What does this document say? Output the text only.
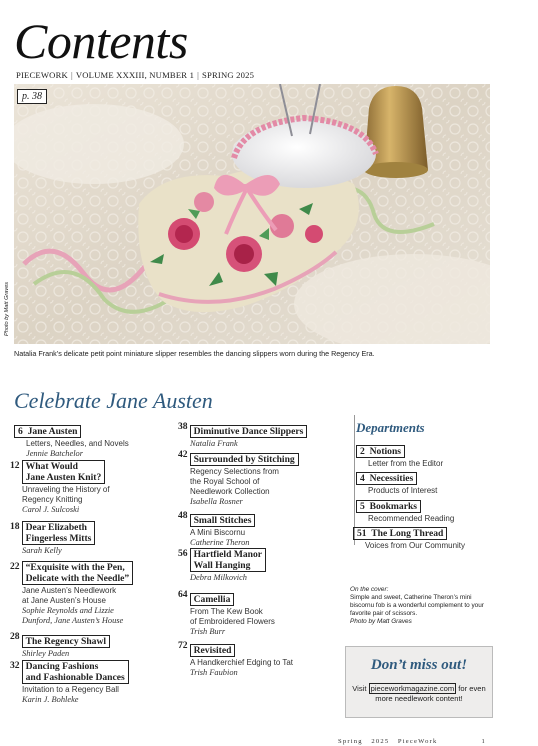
Contents
PIECEWORK | VOLUME XXXIII, NUMBER 1 | SPRING 2025
p. 38
Photo by Matt Graves
Natalia Frank’s delicate petit point miniature slipper resembles the dancing slippers worn during the Regency Era.
Celebrate Jane Austen
6 Jane Austen
Letters, Needles, and Novels
Jennie Batchelor
12 What Would
Jane Austen Knit?
Unraveling the History of
Regency Knitting
Carol J. Sulcoski
18 Dear Elizabeth
Fingerless Mitts
Sarah Kelly
22 “Exquisite with the Pen,
Delicate with the Needle”
Jane Austen’s Needlework
at Jane Austen’s House
Sophie Reynolds and Lizzie
Dunford, Jane Austen’s House
28 The Regency Shawl
Shirley Paden
32 Dancing Fashions
and Fashionable Dances
Invitation to a Regency Ball
Karin J. Bohleke
38 Diminutive Dance Slippers
Natalia Frank
42 Surrounded by Stitching
Regency Selections from
the Royal School of
Needlework Collection
Isabella Rosner
48 Small Stitches
A Mini Biscornu
Catherine Theron
56 Hartfield Manor
Wall Hanging
Debra Milkovich
64 Camellia
From The Kew Book
of Embroidered Flowers
Trish Burr
72 Revisited
A Handkerchief Edging to Tat
Trish Faubion
Departments
2 Notions
Letter from the Editor
4 Necessities
Products of Interest
5 Bookmarks
Recommended Reading
51 The Long Thread
Voices from Our Community
On the cover:
Simple and sweet, Catherine Theron’s mini biscornu fob is a wonderful complement to your favorite pair of scissors.
Photo by Matt Graves
Don’t miss out!
Visit pieceworkmagazine.com for even more needlework content!
Spring 2025 PieceWork	1
